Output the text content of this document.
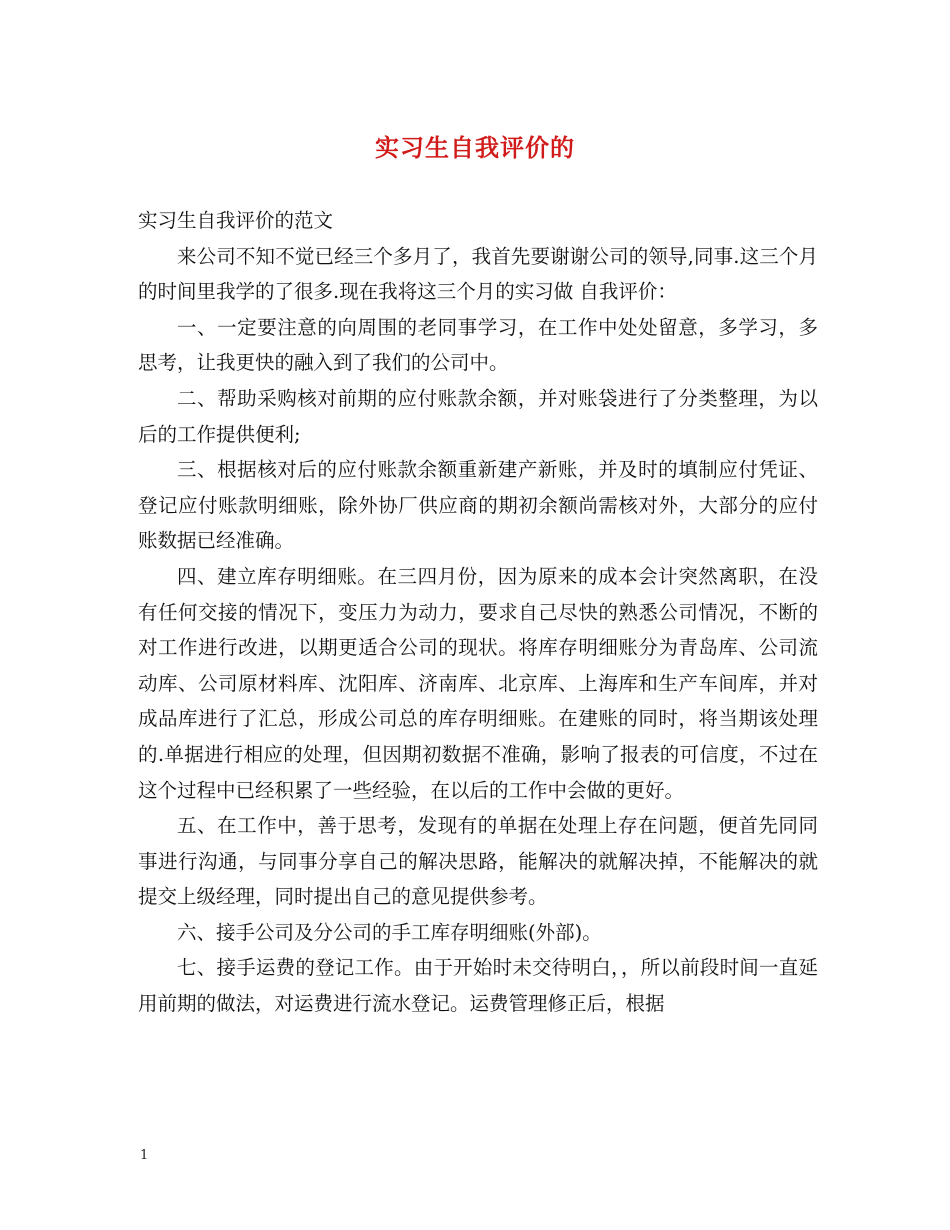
实习生自我评价的

实习生自我评价的范文

来公司不知不觉已经三个多月了，我首先要谢谢公司的领导,同事.这三个月的时间里我学的了很多.现在我将这三个月的实习做 自我评价：

一、一定要注意的向周围的老同事学习，在工作中处处留意，多学习，多思考，让我更快的融入到了我们的公司中。

二、帮助采购核对前期的应付账款余额，并对账袋进行了分类整理，为以后的工作提供便利;

三、根据核对后的应付账款余额重新建产新账，并及时的填制应付凭证、登记应付账款明细账，除外协厂供应商的期初余额尚需核对外，大部分的应付账数据已经准确。

四、建立库存明细账。在三四月份，因为原来的成本会计突然离职，在没有任何交接的情况下，变压力为动力，要求自己尽快的熟悉公司情况，不断的对工作进行改进，以期更适合公司的现状。将库存明细账分为青岛库、公司流动库、公司原材料库、沈阳库、济南库、北京库、上海库和生产车间库，并对成品库进行了汇总，形成公司总的库存明细账。在建账的同时，将当期该处理的.单据进行相应的处理，但因期初数据不准确，影响了报表的可信度，不过在这个过程中已经积累了一些经验，在以后的工作中会做的更好。

五、在工作中，善于思考，发现有的单据在处理上存在问题，便首先同同事进行沟通，与同事分享自己的解决思路，能解决的就解决掉，不能解决的就提交上级经理，同时提出自己的意见提供参考。

六、接手公司及分公司的手工库存明细账(外部)。

七、接手运费的登记工作。由于开始时未交待明白，，所以前段时间一直延用前期的做法，对运费进行流水登记。运费管理修正后，根据

1
